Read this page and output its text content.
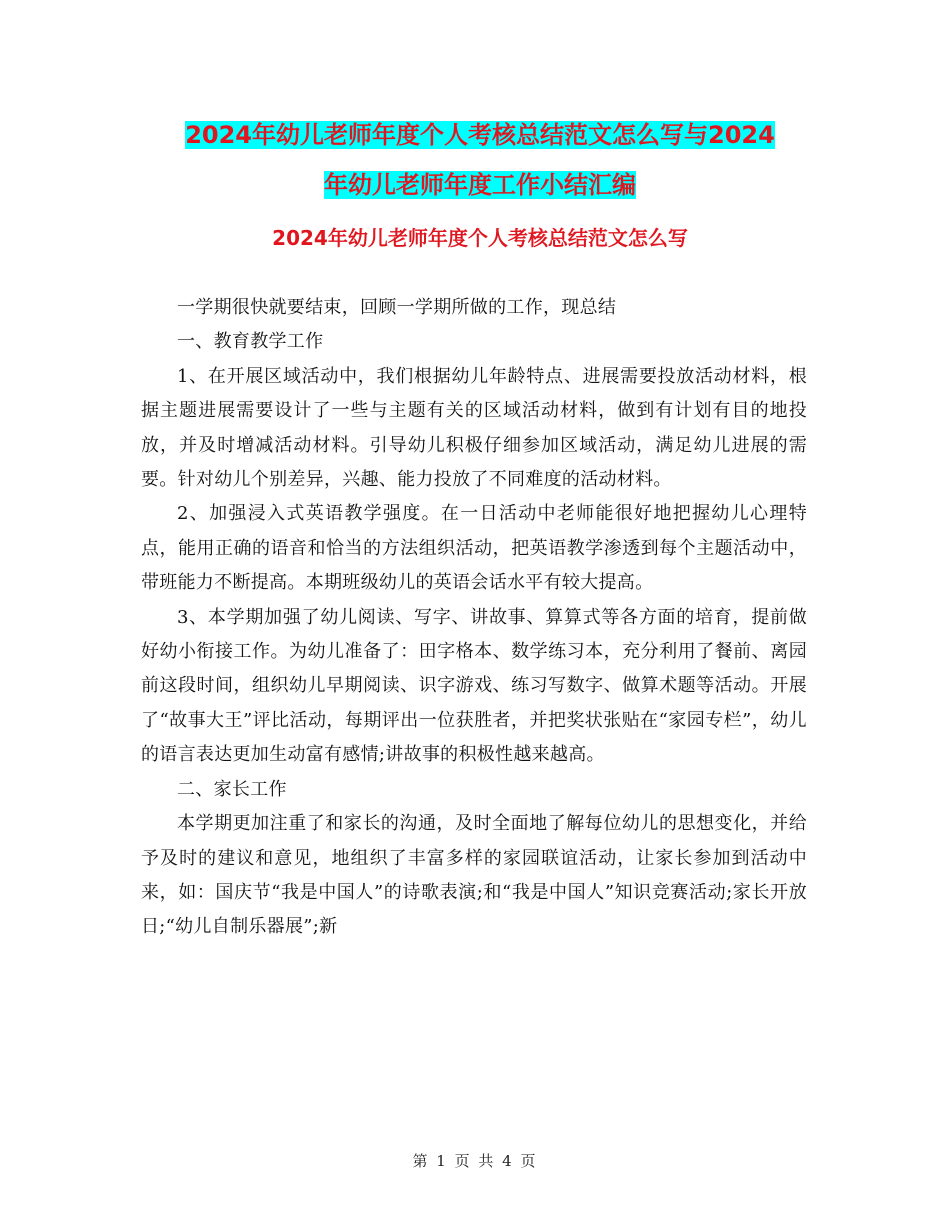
2024年幼儿老师年度个人考核总结范文怎么写与2024
年幼儿老师年度工作小结汇编
2024年幼儿老师年度个人考核总结范文怎么写

一学期很快就要结束，回顾一学期所做的工作，现总结

一、教育教学工作

1、在开展区域活动中，我们根据幼儿年龄特点、进展需要投放活动材料，根据主题进展需要设计了一些与主题有关的区域活动材料，做到有计划有目的地投放，并及时增减活动材料。引导幼儿积极仔细参加区域活动，满足幼儿进展的需要。针对幼儿个别差异，兴趣、能力投放了不同难度的活动材料。

2、加强浸入式英语教学强度。在一日活动中老师能很好地把握幼儿心理特点，能用正确的语音和恰当的方法组织活动，把英语教学渗透到每个主题活动中，带班能力不断提高。本期班级幼儿的英语会话水平有较大提高。

3、本学期加强了幼儿阅读、写字、讲故事、算算式等各方面的培育，提前做好幼小衔接工作。为幼儿准备了：田字格本、数学练习本，充分利用了餐前、离园前这段时间，组织幼儿早期阅读、识字游戏、练习写数字、做算术题等活动。开展了“故事大王”评比活动，每期评出一位获胜者，并把奖状张贴在“家园专栏”，幼儿的语言表达更加生动富有感情;讲故事的积极性越来越高。

二、家长工作

本学期更加注重了和家长的沟通，及时全面地了解每位幼儿的思想变化，并给予及时的建议和意见，地组织了丰富多样的家园联谊活动，让家长参加到活动中来，如：国庆节“我是中国人”的诗歌表演;和“我是中国人”知识竞赛活动;家长开放日;“幼儿自制乐器展”;新

第 1 页 共 4 页
